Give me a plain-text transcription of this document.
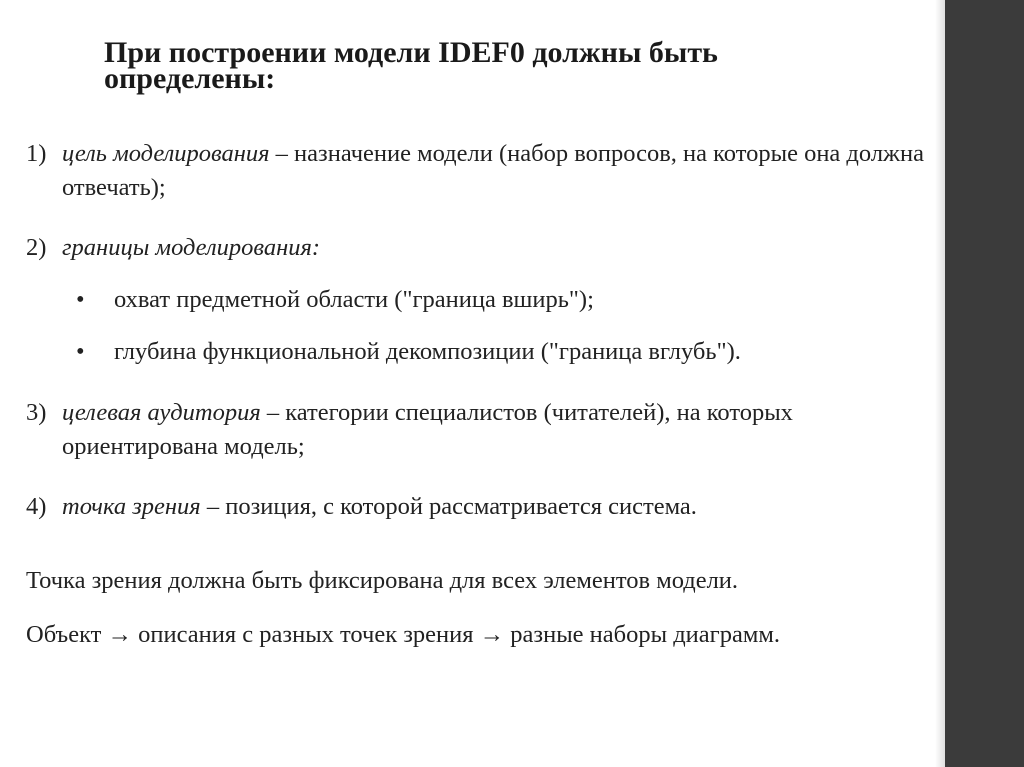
При построении модели IDEF0 должны быть определены:
1) цель моделирования – назначение модели (набор вопросов, на которые она должна отвечать);
2) границы моделирования:
• охват предметной области ("граница вширь");
• глубина функциональной декомпозиции ("граница вглубь").
3) целевая аудитория – категории специалистов (читателей), на которых ориентирована модель;
4) точка зрения – позиция, с которой рассматривается система.
Точка зрения должна быть фиксирована для всех элементов модели.
Объект → описания с разных точек зрения → разные наборы диаграмм.
